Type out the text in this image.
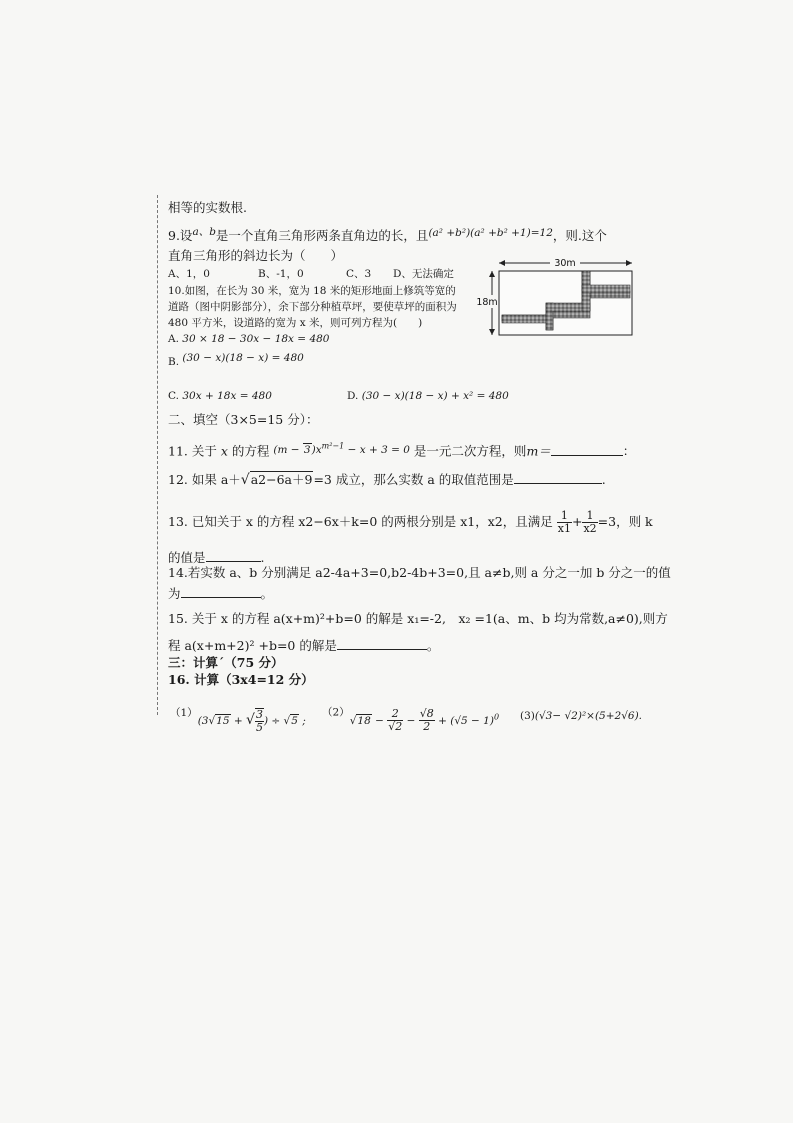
相等的实数根.
9.设$^{a、b}$是一个直角三角形两条直角边的长，且$^{(a^2 +b^2)(a^2 +b^2 +1)=12}$，则.这个
直角三角形的斜边长为（　　）
A、1，0	B、-1，0	C、3 D、无法确定
10.如图，在长为 30 米，宽为 18 米的矩形地面上修筑等宽的
道路（图中阴影部分），余下部分种植草坪，要使草坪的面积为
480 平方米，设道路的宽为 x 米，则可列方程为(　　)
A. 30 × 18 − 30x − 18x = 480
B. (30 − x)(18 − x) = 480
C. 30x + 18x = 480	D. (30 − x)(18 − x) + x² = 480
30m
18m
二、填空（3×5=15 分）：
11. 关于 x 的方程 $^{(m - 3)x^{m^2-1} - x + 3 = 0}$ 是一元二次方程，则m＝	：
12. 如果 a＋√a2−6a＋9=3 成立，那么实数 a 的取值范围是	.
13. 已知关于 x 的方程 x2−6x＋k=0 的两根分别是 x1，x2，且满足 $\frac{1}{x1} + \frac{1}{x2} =3$，则 k
的值是	.
14.若实数 a、b 分别满足 a2-4a+3=0,b2-4b+3=0,且 a≠b,则 a 分之一加 b 分之一的值
为	。
15. 关于 x 的方程 a(x+m)²+b=0 的解是 x₁=-2,　x₂ =1(a、m、b 均为常数,a≠0),则方
程 a(x+m+2)² +b=0 的解是	。
三：计算ˊ（75 分）
16. 计算（3x4=12 分）
（1）(3√15 + √ $\frac{3}{5}$ ) ÷ √5 ;
$(2)√18 - \frac{2}{√2} - \frac{√8}{2} + (√5 - 1)^0$ (3)(√3− √2)²×(5+2√6).
